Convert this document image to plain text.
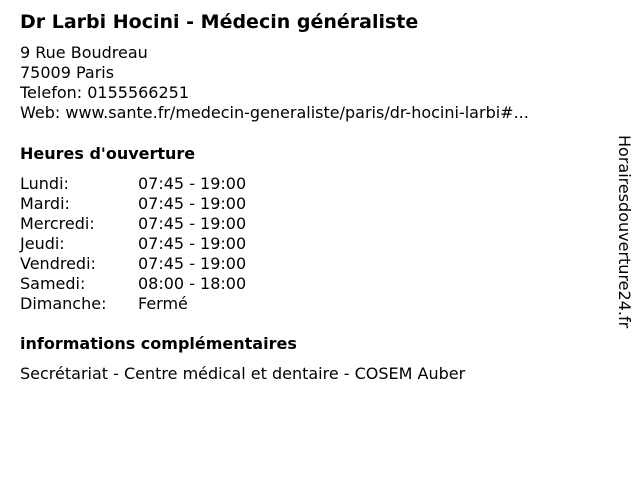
Dr Larbi Hocini - Médecin généraliste
9 Rue Boudreau
75009 Paris
Telefon: 0155566251
Web: www.sante.fr/medecin-generaliste/paris/dr-hocini-larbi#...
Heures d'ouverture
Lundi:	07:45 - 19:00
Mardi:	07:45 - 19:00
Mercredi:	07:45 - 19:00
Jeudi:	07:45 - 19:00
Vendredi:	07:45 - 19:00
Samedi:	08:00 - 18:00
Dimanche: Fermé
informations complémentaires
Secrétariat - Centre médical et dentaire - COSEM Auber
Horairesdouverture24.fr
